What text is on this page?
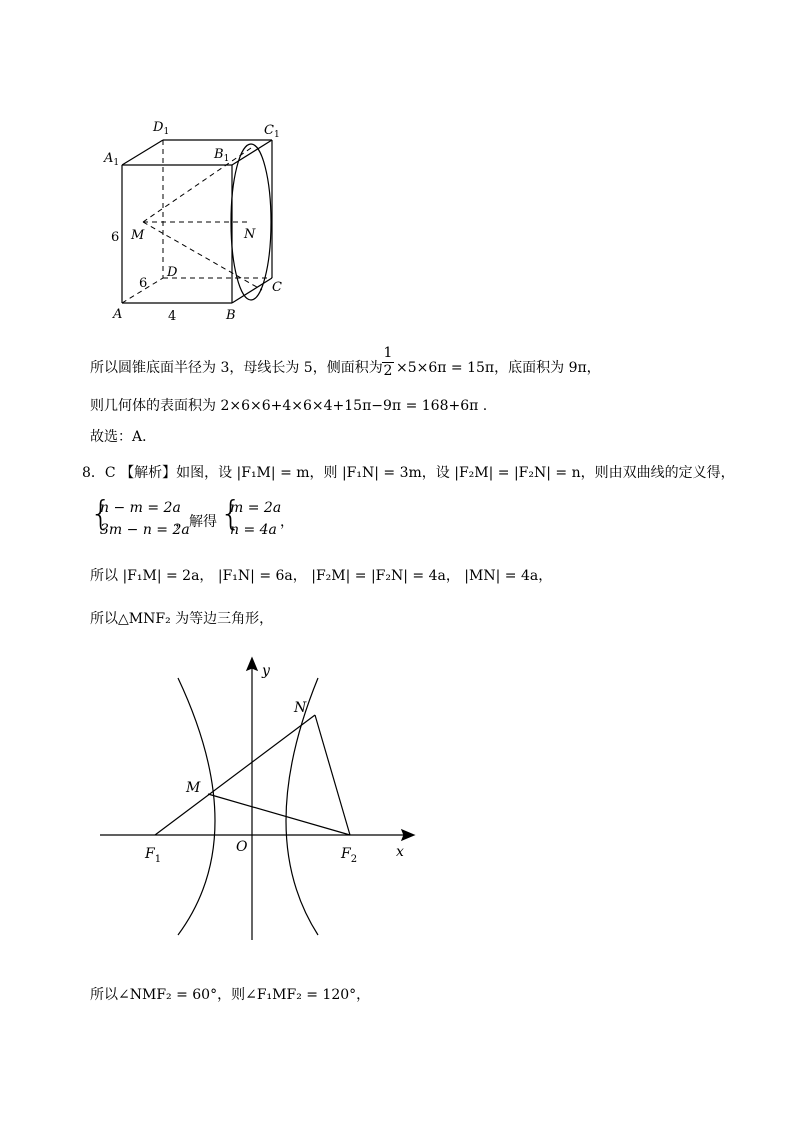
$D_1$	$C_1$
$A_1$
$B_1$
M	N
D
C
A	B
6
6
4
所以圆锥底面半径为 3，母线长为 5，侧面积为 $\frac{1}{2} \times 5\times 6\pi = 15\pi$，底面积为 9π，
则几何体的表面积为 2×6×6+4×6×4+15π−9π = 168+6π .
故选：A．
8．C 【解析】如图，设 |F₁M| = m，则 |F₁N| = 3m，设 |F₂M| = |F₂N| = n，则由双曲线的定义得，
{
n − m = 2a
3m − n = 2a
，解得 {
m = 2a
n = 4a ，
所以 |F₁M| = 2a， |F₁N| = 6a， |F₂M| = |F₂N| = 4a， |MN| = 4a，
所以△MNF₂ 为等边三角形，
y
x
N
M
O
$F_1$	$F_2$
所以∠NMF₂ = 60°，则∠F₁MF₂ = 120°，
